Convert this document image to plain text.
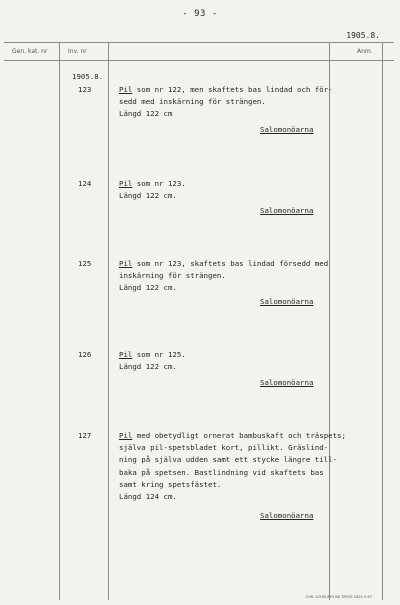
- 93 -
1905.8.
Gen. kat. nr	Inv. nr	Anm.
1905.8.
123	Pil som nr 122, men skaftets bas lindad och för-
sedd med inskärning för strängen.
Längd 122 cm
Salomonöarna
124	Pil som nr 123.
Längd 122 cm.
Salomonöarna
125	Pil som nr 123, skaftets bas lindad försedd med
inskärning för strängen.
Längd 122 cm.
Salomonöarna
126	Pil som nr 125.
Längd 122 cm.
Salomonöarna
127	Pil med obetydligt ornerat bambuskaft och träspets;
själva pil-spetsbladet kort, pillikt. Gräslind-
ning på själva udden samt ett stycke längre till-
baka på spetsen. Bastlindning vid skaftets bas
samt kring spetsfästet.
Längd 124 cm.
Salomonöarna
CHR. SCHEUFFS BK TRYCK 1824 5 67
